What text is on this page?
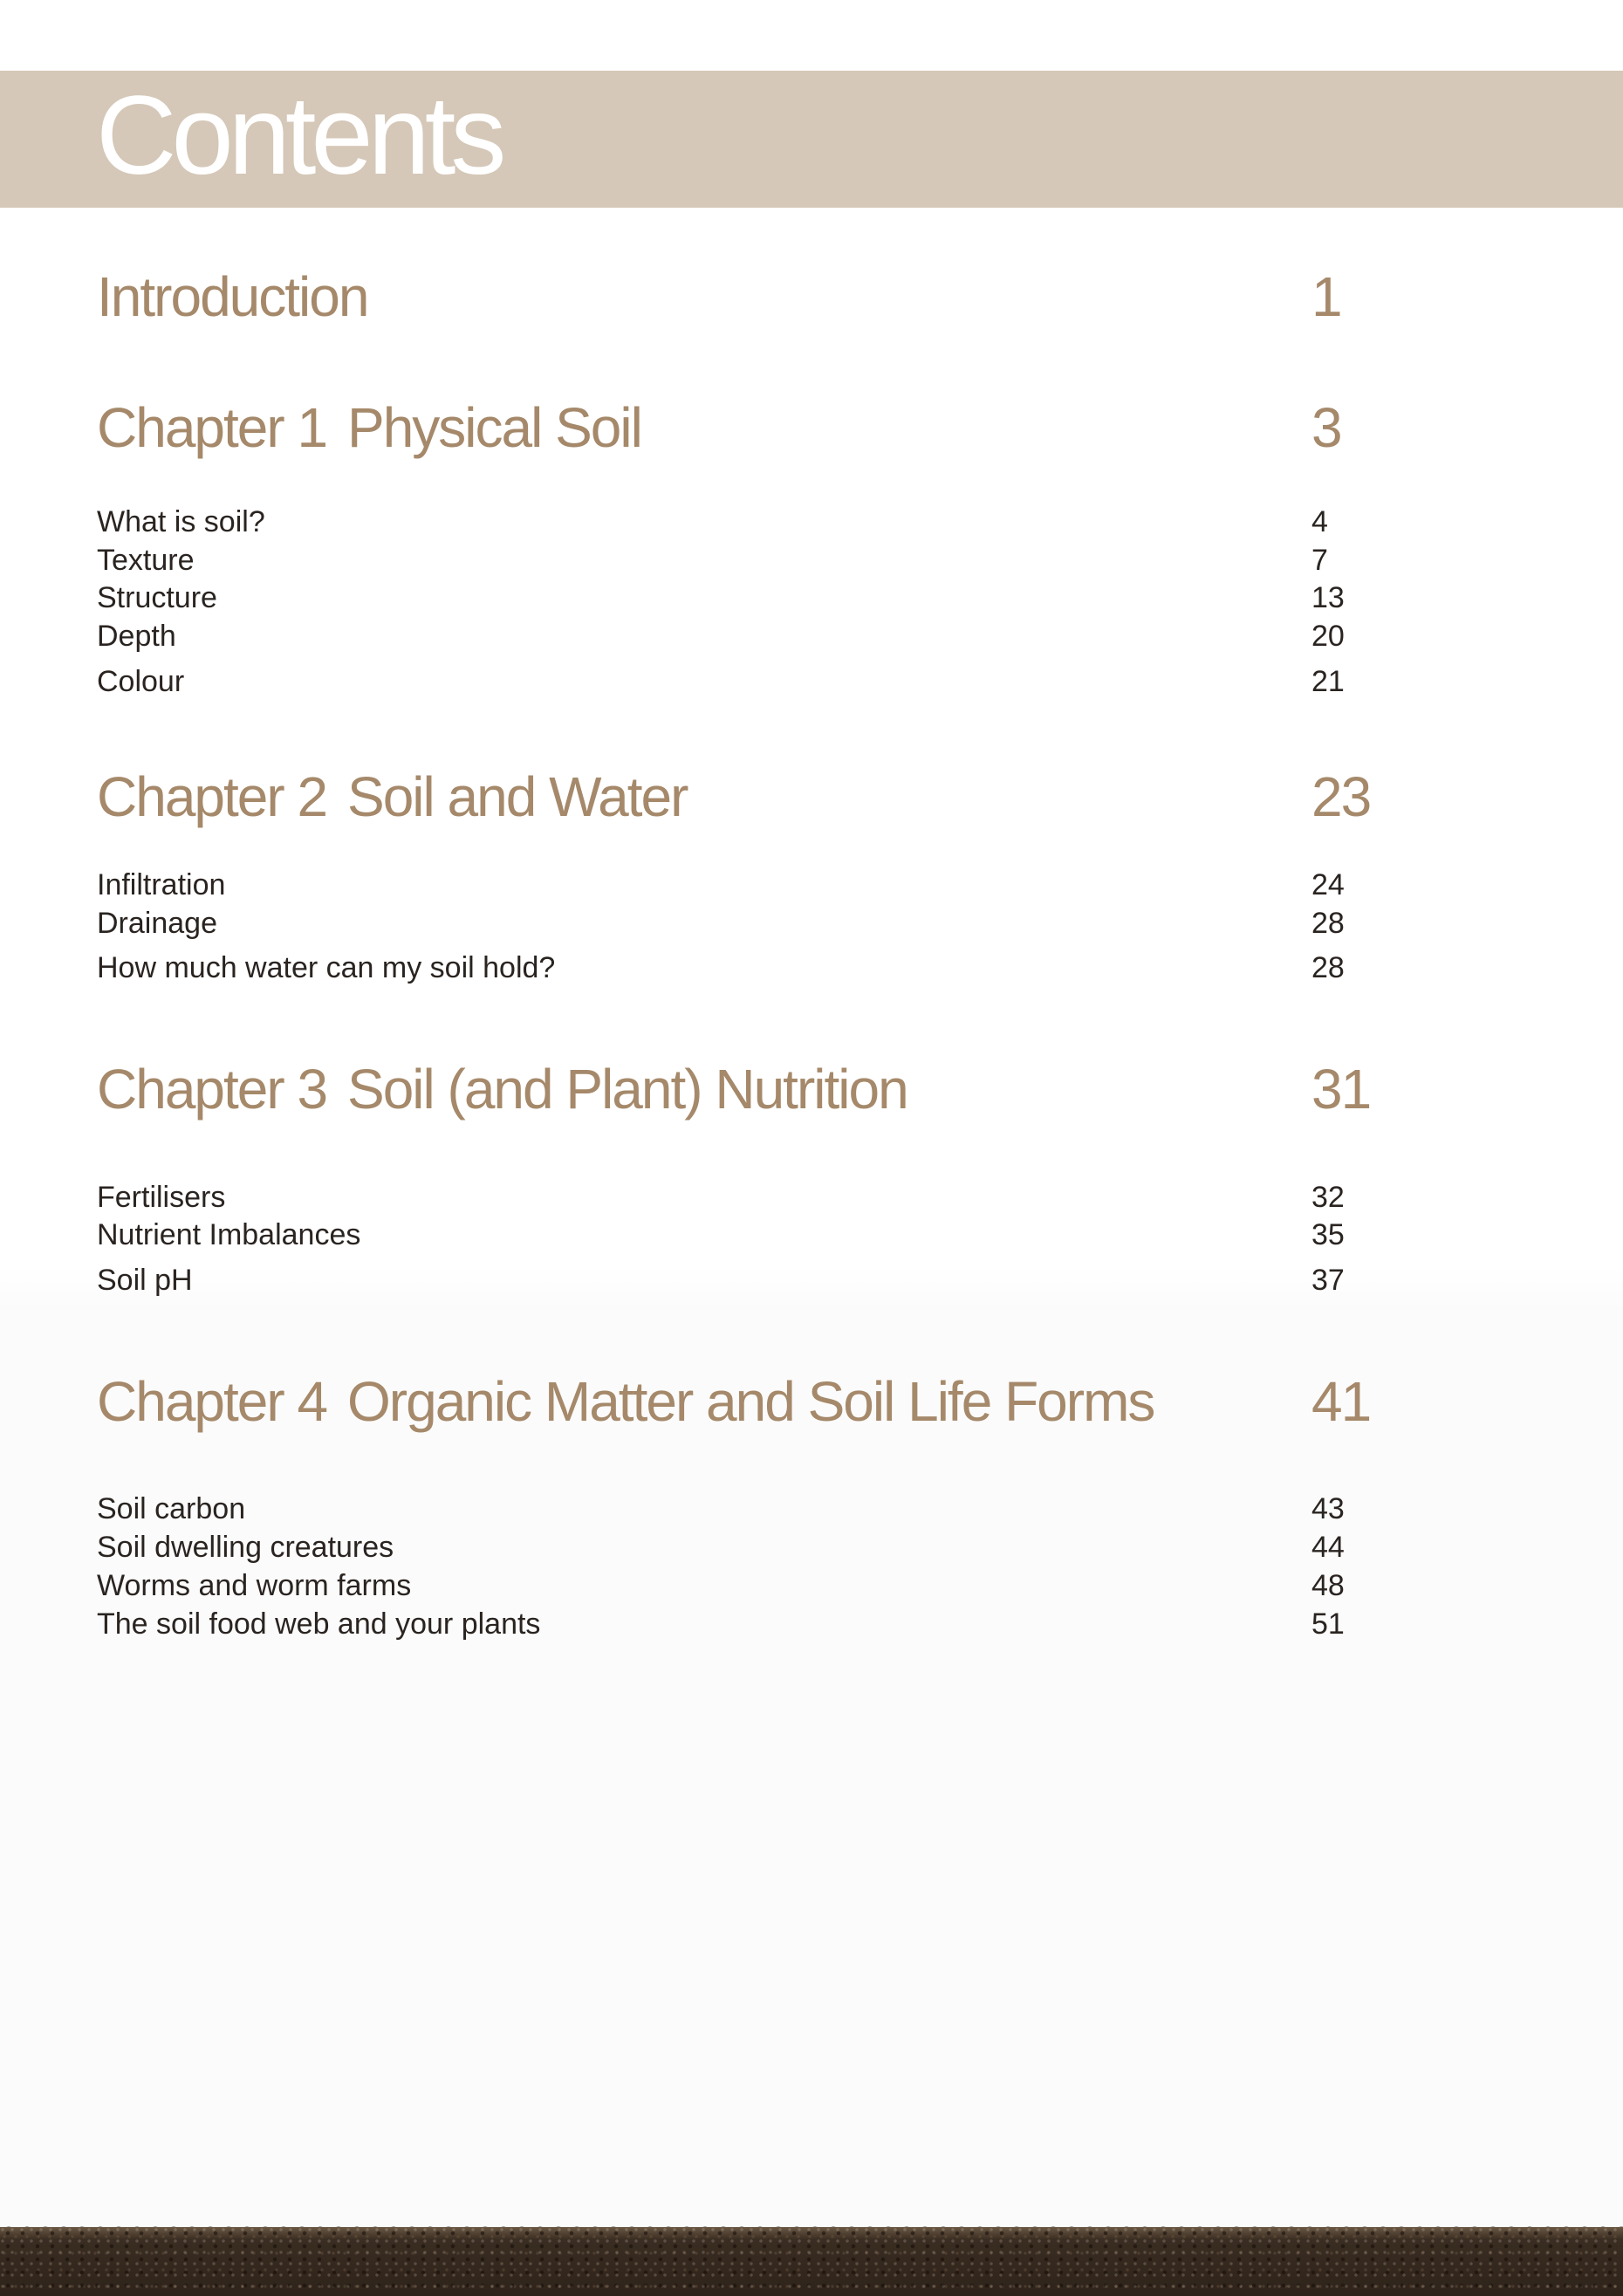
Contents
Introduction	1
Chapter 1 Physical Soil	3
What is soil?	4
Texture	7
Structure	13
Depth	20
Colour	21
Chapter 2 Soil and Water	23
Infiltration	24
Drainage	28
How much water can my soil hold?	28
Chapter 3 Soil (and Plant) Nutrition	31
Fertilisers	32
Nutrient Imbalances	35
Soil pH	37
Chapter 4 Organic Matter and Soil Life Forms	41
Soil carbon	43
Soil dwelling creatures	44
Worms and worm farms	48
The soil food web and your plants	51
